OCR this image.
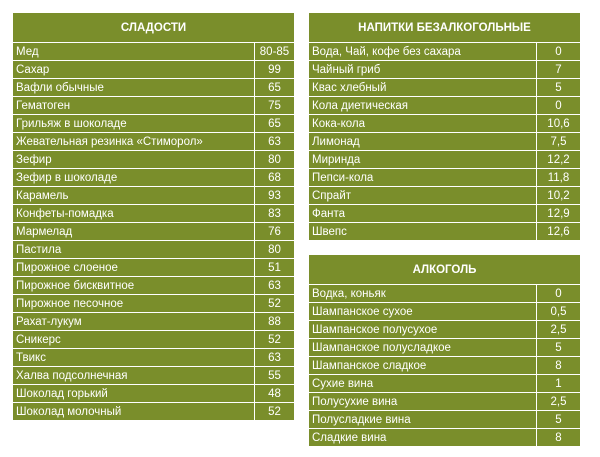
СЛАДОСТИ	
Мед	80-85
Сахар	99
Вафли обычные	65
Гематоген	75
Грильяж в шоколаде	65
Жевательная резинка «Стиморол»	63
Зефир	80
Зефир в шоколаде	68
Карамель	93
Конфеты-помадка	83
Мармелад	76
Пастила	80
Пирожное слоеное	51
Пирожное бисквитное	63
Пирожное песочное	52
Рахат-лукум	88
Сникерс	52
Твикс	63
Халва подсолнечная	55
Шоколад горький	48
Шоколад молочный	52
НАПИТКИ БЕЗАЛКОГОЛЬНЫЕ	
Вода, Чай, кофе без сахара	0
Чайный гриб	7
Квас хлебный	5
Кола диетическая	0
Кока-кола	10,6
Лимонад	7,5
Миринда	12,2
Пепси-кола	11,8
Спрайт	10,2
Фанта	12,9
Швепс	12,6
АЛКОГОЛЬ	
Водка, коньяк	0
Шампанское сухое	0,5
Шампанское полусухое	2,5
Шампанское полусладкое	5
Шампанское сладкое	8
Сухие вина	1
Полусухие вина	2,5
Полусладкие вина	5
Сладкие вина	8
